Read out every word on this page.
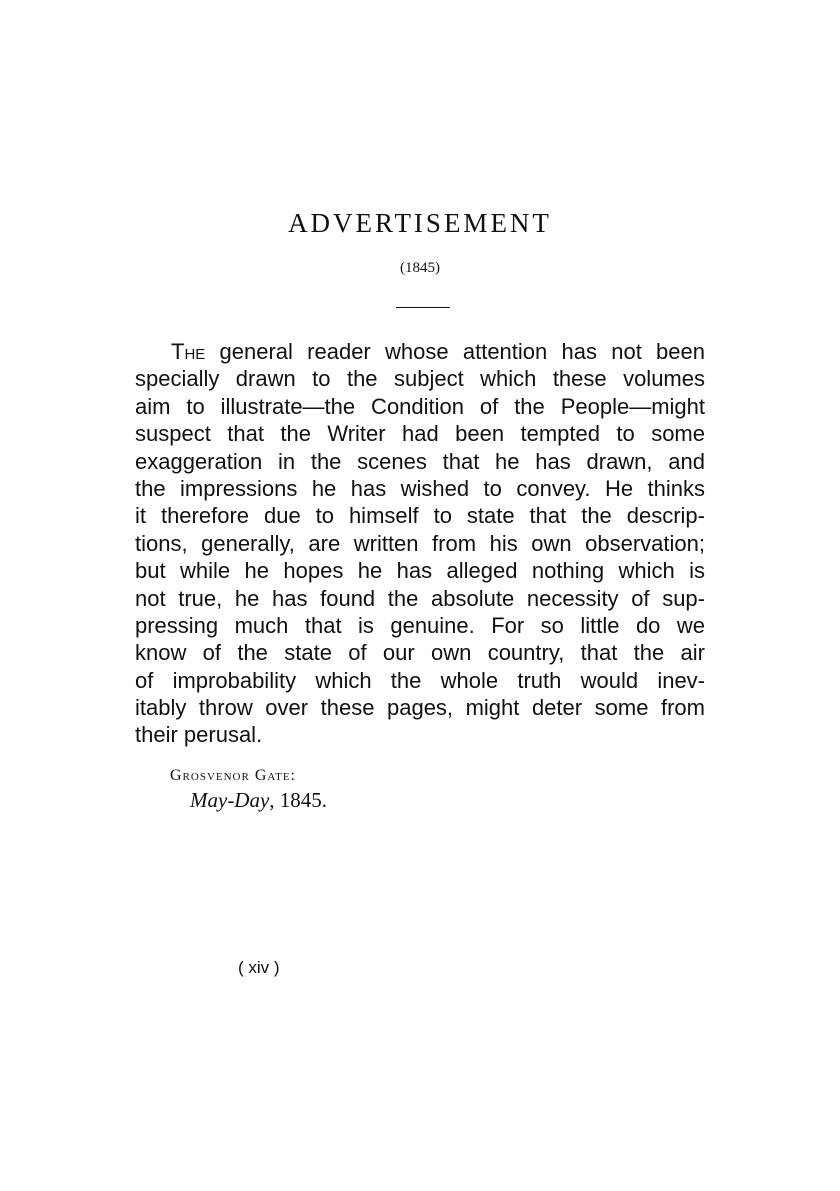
ADVERTISEMENT
(1845)
The general reader whose attention has not been
specially drawn to the subject which these volumes
aim to illustrate—the Condition of the People—might
suspect that the Writer had been tempted to some
exaggeration in the scenes that he has drawn, and
the impressions he has wished to convey. He thinks
it therefore due to himself to state that the descrip-
tions, generally, are written from his own observation;
but while he hopes he has alleged nothing which is
not true, he has found the absolute necessity of sup-
pressing much that is genuine. For so little do we
know of the state of our own country, that the air
of improbability which the whole truth would inev-
itably throw over these pages, might deter some from
their perusal.
Grosvenor Gate:
May-Day, 1845.
( xiv )
